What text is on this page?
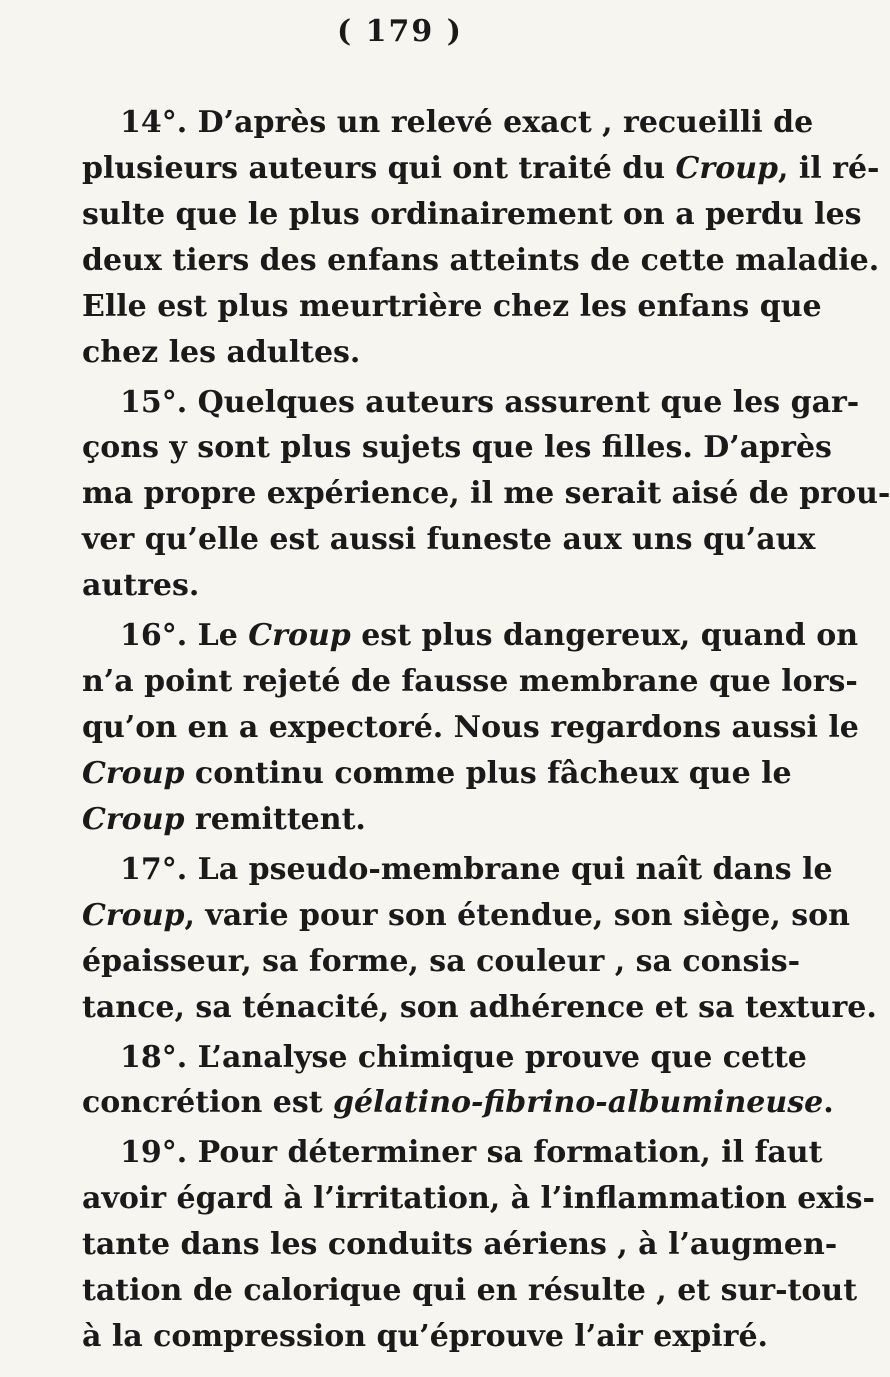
( 179 )
14°. D’après un relevé exact , recueilli de
plusieurs auteurs qui ont traité du Croup, il ré-
sulte que le plus ordinairement on a perdu les
deux tiers des enfans atteints de cette maladie.
Elle est plus meurtrière chez les enfans que
chez les adultes.
15°. Quelques auteurs assurent que les gar-
çons y sont plus sujets que les filles. D’après
ma propre expérience, il me serait aisé de prou-
ver qu’elle est aussi funeste aux uns qu’aux
autres.
16°. Le Croup est plus dangereux, quand on
n’a point rejeté de fausse membrane que lors-
qu’on en a expectoré. Nous regardons aussi le
Croup continu comme plus fâcheux que le
Croup remittent.
17°. La pseudo-membrane qui naît dans le
Croup, varie pour son étendue, son siège, son
épaisseur, sa forme, sa couleur , sa consis-
tance, sa ténacité, son adhérence et sa texture.
18°. L’analyse chimique prouve que cette
concrétion est gélatino-fibrino-albumineuse.
19°. Pour déterminer sa formation, il faut
avoir égard à l’irritation, à l’inflammation exis-
tante dans les conduits aériens , à l’augmen-
tation de calorique qui en résulte , et sur-tout
à la compression qu’éprouve l’air expiré.
